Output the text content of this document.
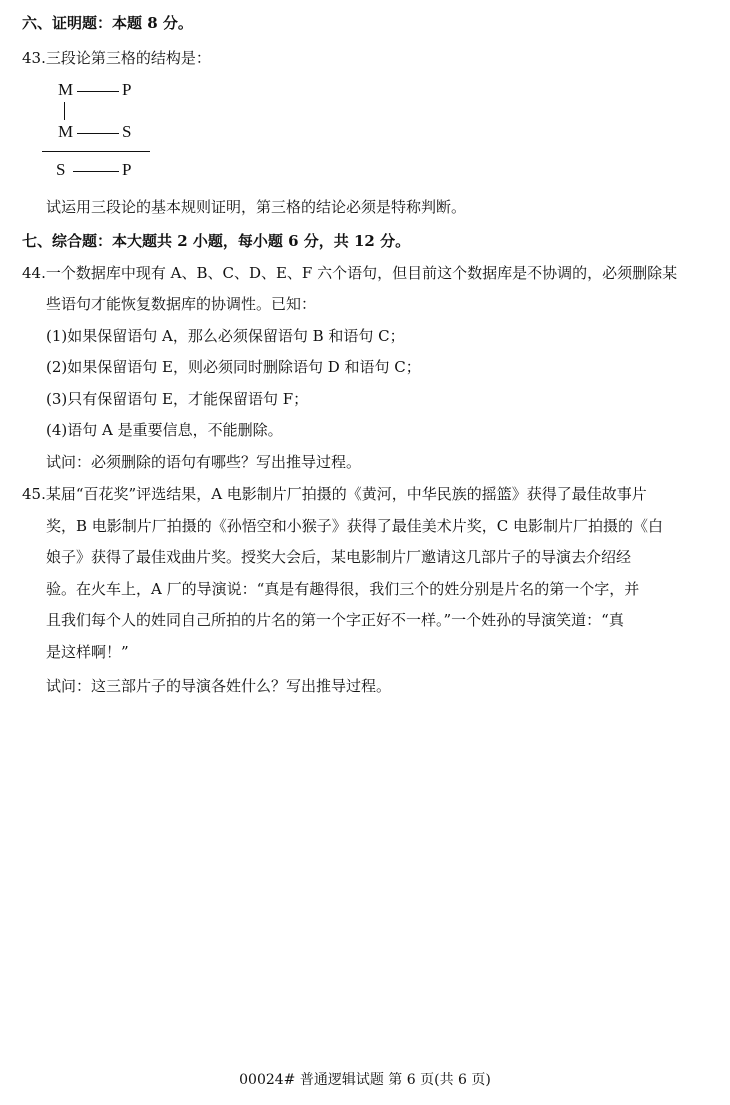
六、证明题：本题 8 分。
43.三段论第三格的结构是：
M	P
M	S
S	P
试运用三段论的基本规则证明，第三格的结论必须是特称判断。
七、综合题：本大题共 2 小题，每小题 6 分，共 12 分。
44.一个数据库中现有 A、B、C、D、E、F 六个语句，但目前这个数据库是不协调的，必须删除某
些语句才能恢复数据库的协调性。已知：
(1)如果保留语句 A，那么必须保留语句 B 和语句 C；
(2)如果保留语句 E，则必须同时删除语句 D 和语句 C；
(3)只有保留语句 E，才能保留语句 F；
(4)语句 A 是重要信息，不能删除。
试问：必须删除的语句有哪些？写出推导过程。
45.某届“百花奖”评选结果，A 电影制片厂拍摄的《黄河，中华民族的摇篮》获得了最佳故事片
奖，B 电影制片厂拍摄的《孙悟空和小猴子》获得了最佳美术片奖，C 电影制片厂拍摄的《白
娘子》获得了最佳戏曲片奖。授奖大会后，某电影制片厂邀请这几部片子的导演去介绍经
验。在火车上，A 厂的导演说：“真是有趣得很，我们三个的姓分别是片名的第一个字，并
且我们每个人的姓同自己所拍的片名的第一个字正好不一样。”一个姓孙的导演笑道：“真
是这样啊！”
试问：这三部片子的导演各姓什么？写出推导过程。
00024# 普通逻辑试题 第 6 页(共 6 页)
